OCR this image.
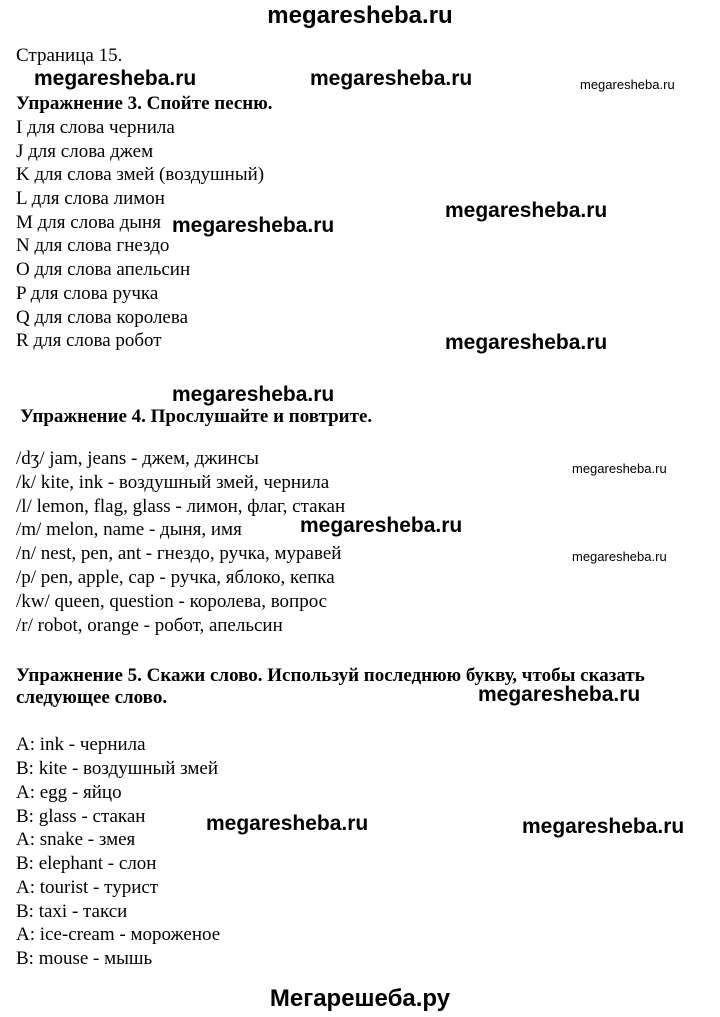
megaresheba.ru
Страница 15.
megaresheba.ru	megaresheba.ru	megaresheba.ru
Упражнение 3. Спойте песню.
I для слова чернила
J для слова джем
K для слова змей (воздушный)
L для слова лимон
M для слова дыня
N для слова гнездо
O для слова апельсин
P для слова ручка
Q для слова королева
R для слова робот
megaresheba.ru
megaresheba.ru
megaresheba.ru
megaresheba.ru
Упражнение 4. Прослушайте и повтрите.
/dʒ/ jam, jeans - джем, джинсы
/k/ kite, ink - воздушный змей, чернила
/l/ lemon, flag, glass - лимон, флаг, стакан
/m/ melon, name - дыня, имя
/n/ nest, pen, ant - гнездо, ручка, муравей
/p/ pen, apple, cap - ручка, яблоко, кепка
/kw/ queen, question - королева, вопрос
/r/ robot, orange - робот, апельсин
megaresheba.ru
megaresheba.ru
megaresheba.ru
Упражнение 5. Скажи слово. Используй последнюю букву, чтобы сказать
следующее слово.	megaresheba.ru
A: ink - чернила
B: kite - воздушный змей
A: egg - яйцо
B: glass - стакан
A: snake - змея
B: elephant - слон
A: tourist - турист
B: taxi - такси
A: ice-cream - мороженое
B: mouse - мышь
megaresheba.ru	megaresheba.ru
Мегарешеба.ру
